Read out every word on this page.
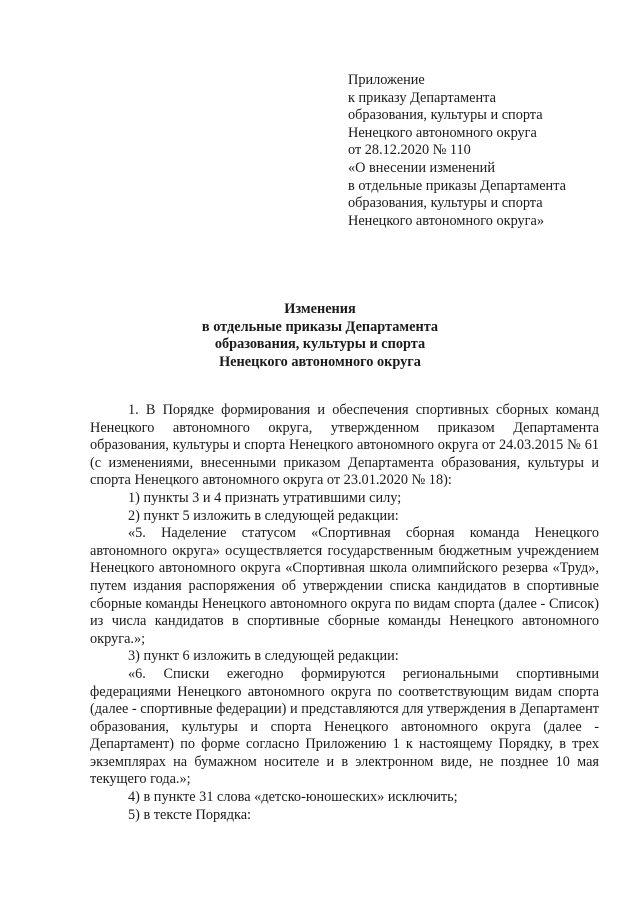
Приложение
к приказу Департамента
образования, культуры и спорта
Ненецкого автономного округа
от 28.12.2020 № 110
«О внесении изменений
в отдельные приказы Департамента
образования, культуры и спорта
Ненецкого автономного округа»
Изменения
в отдельные приказы Департамента
образования, культуры и спорта
Ненецкого автономного округа

1. В Порядке формирования и обеспечения спортивных сборных команд Ненецкого автономного округа, утвержденном приказом Департамента образования, культуры и спорта Ненецкого автономного округа от 24.03.2015 № 61 (с изменениями, внесенными приказом Департамента образования, культуры и спорта Ненецкого автономного округа от 23.01.2020 № 18):

1) пункты 3 и 4 признать утратившими силу;

2) пункт 5 изложить в следующей редакции:

«5. Наделение статусом «Спортивная сборная команда Ненецкого автономного округа» осуществляется государственным бюджетным учреждением Ненецкого автономного округа «Спортивная школа олимпийского резерва «Труд», путем издания распоряжения об утверждении списка кандидатов в спортивные сборные команды Ненецкого автономного округа по видам спорта (далее - Список) из числа кандидатов в спортивные сборные команды Ненецкого автономного округа.»;

3) пункт 6 изложить в следующей редакции:

«6. Списки ежегодно формируются региональными спортивными федерациями Ненецкого автономного округа по соответствующим видам спорта (далее - спортивные федерации) и представляются для утверждения в Департамент образования, культуры и спорта Ненецкого автономного округа (далее - Департамент) по форме согласно Приложению 1 к настоящему Порядку, в трех экземплярах на бумажном носителе и в электронном виде, не позднее 10 мая текущего года.»;

4) в пункте 31 слова «детско-юношеских» исключить;

5) в тексте Порядка:
